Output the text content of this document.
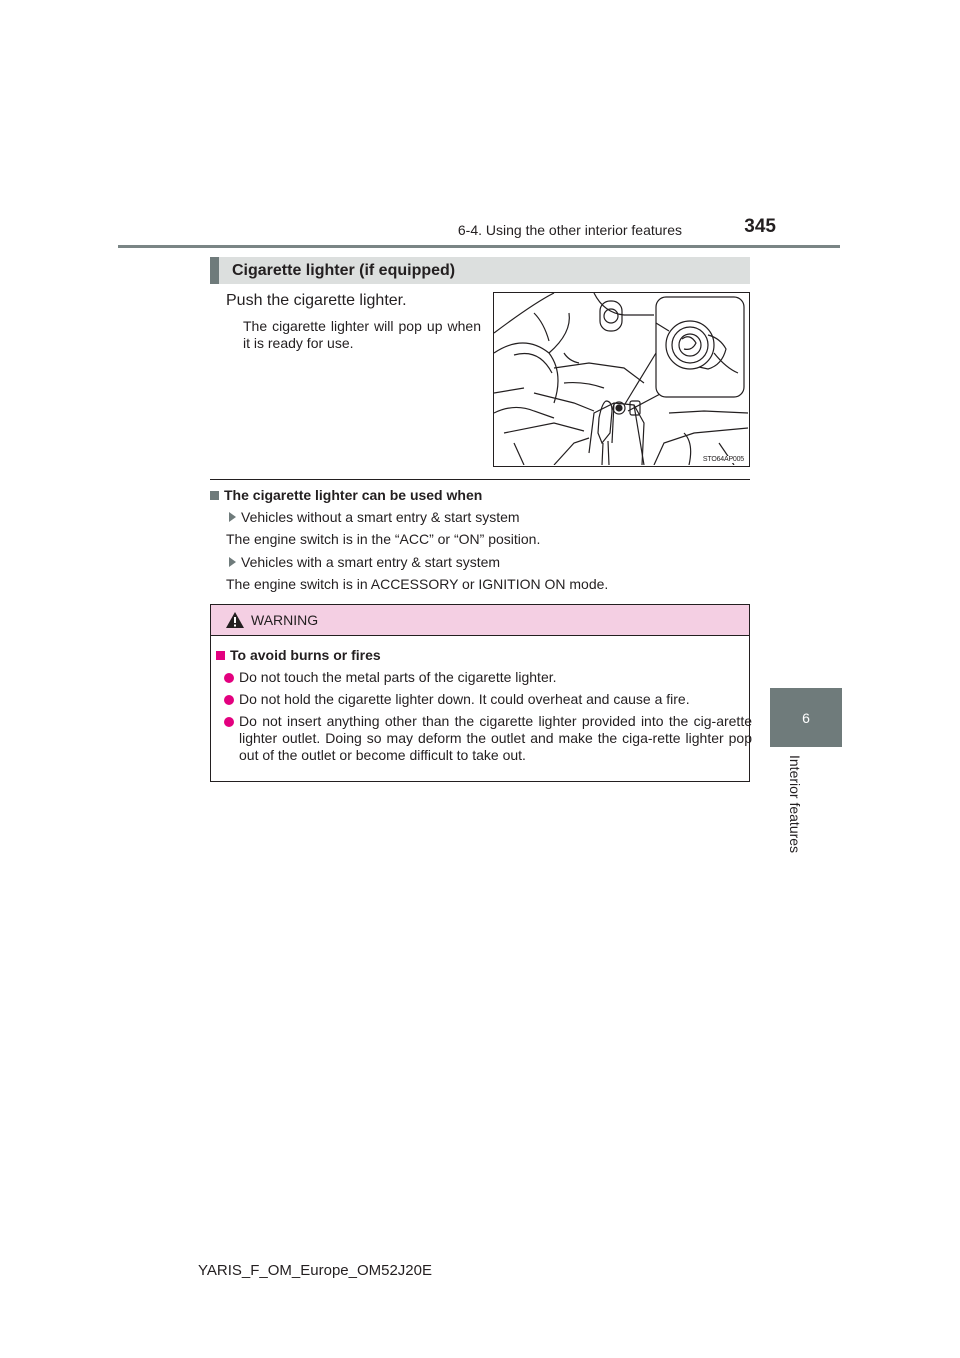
6-4. Using the other interior features	345
6
Interior features
Cigarette lighter (if equipped)
Push the cigarette lighter.
The cigarette lighter will pop up when it is ready for use.
STO64AP005
The cigarette lighter can be used when
Vehicles without a smart entry & start system
The engine switch is in the “ACC” or “ON” position.
Vehicles with a smart entry & start system
The engine switch is in ACCESSORY or IGNITION ON mode.
WARNING
To avoid burns or fires
Do not touch the metal parts of the cigarette lighter.
Do not hold the cigarette lighter down. It could overheat and cause a fire.
Do not insert anything other than the cigarette lighter provided into the cig-arette lighter outlet. Doing so may deform the outlet and make the ciga-rette lighter pop out of the outlet or become difficult to take out.
YARIS_F_OM_Europe_OM52J20E
